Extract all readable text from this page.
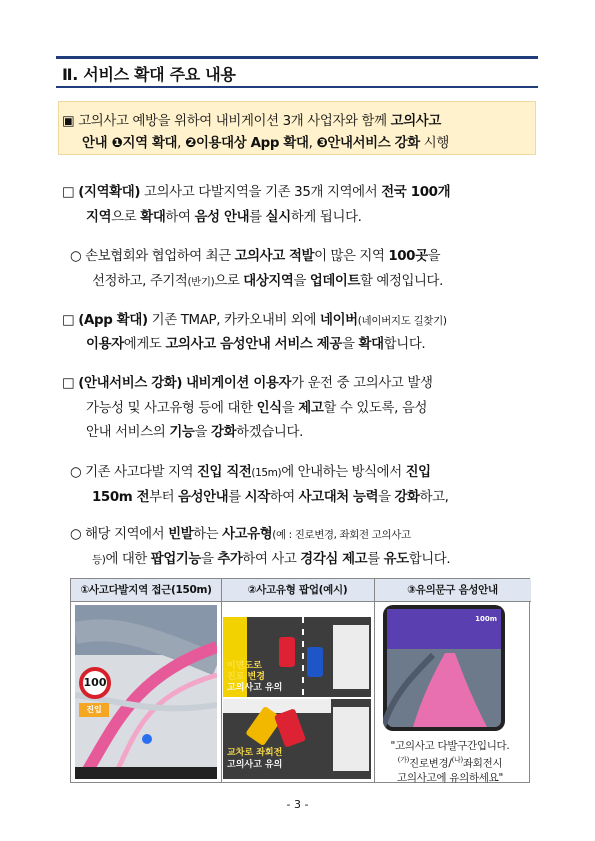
Ⅱ. 서비스 확대 주요 내용
▣ 고의사고 예방을 위하여 내비게이션 3개 사업자와 함께 고의사고
안내 ❶지역 확대, ❷이용대상 App 확대, ❸안내서비스 강화 시행
□ (지역확대) 고의사고 다발지역을 기존 35개 지역에서 전국 100개
지역으로 확대하여 음성 안내를 실시하게 됩니다.
○ 손보협회와 협업하여 최근 고의사고 적발이 많은 지역 100곳을
선정하고, 주기적(반기)으로 대상지역을 업데이트할 예정입니다.
□ (App 확대) 기존 TMAP, 카카오내비 외에 네이버(네이버지도 길찾기)
이용자에게도 고의사고 음성안내 서비스 제공을 확대합니다.
□ (안내서비스 강화) 내비게이션 이용자가 운전 중 고의사고 발생
가능성 및 사고유형 등에 대한 인식을 제고할 수 있도록, 음성
안내 서비스의 기능을 강화하겠습니다.
○ 기존 사고다발 지역 진입 직전(15m)에 안내하는 방식에서 진입
150m 전부터 음성안내를 시작하여 사고대처 능력을 강화하고,
○ 해당 지역에서 빈발하는 사고유형(예 : 진로변경, 좌회전 고의사고
등)에 대한 팝업기능을 추가하여 사고 경각심 제고를 유도합니다.
①사고다발지역 접근(150m)	②사고유형 팝업(예시)	③유의문구 음성안내
100
진입
이면도로
진로 변경
고의사고 유의
교차로 좌회전
고의사고 유의
100m
"고의사고 다발구간입니다.
$^{(가)}$진로변경/$^{(나)}$좌회전시
고의사고에 유의하세요"
- 3 -
